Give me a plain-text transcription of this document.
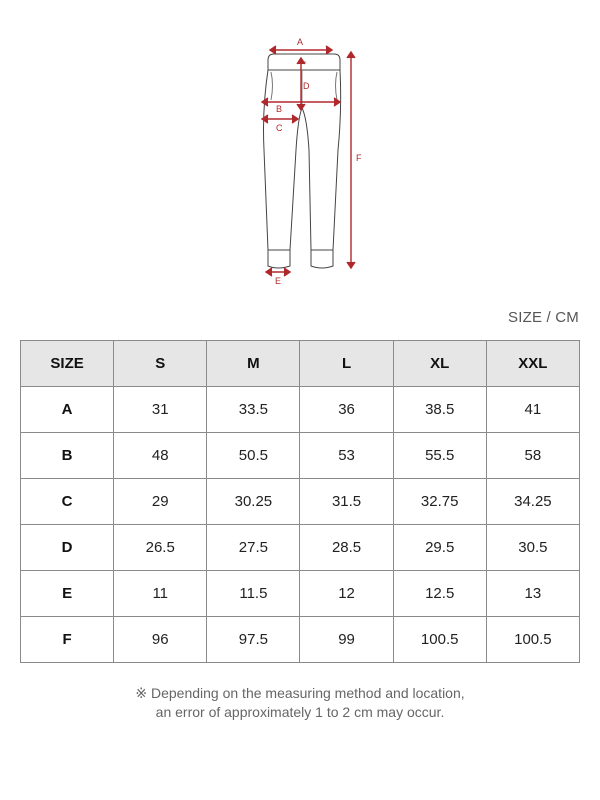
A
D
B
C
E
F
SIZE / CM
SIZE	S	M	L	XL	XXL
A	31	33.5	36	38.5	41
B	48	50.5	53	55.5	58
C	29	30.25	31.5	32.75	34.25
D	26.5	27.5	28.5	29.5	30.5
E	11	11.5	12	12.5	13
F	96	97.5	99	100.5	100.5
※ Depending on the measuring method and location,
an error of approximately 1 to 2 cm may occur.
